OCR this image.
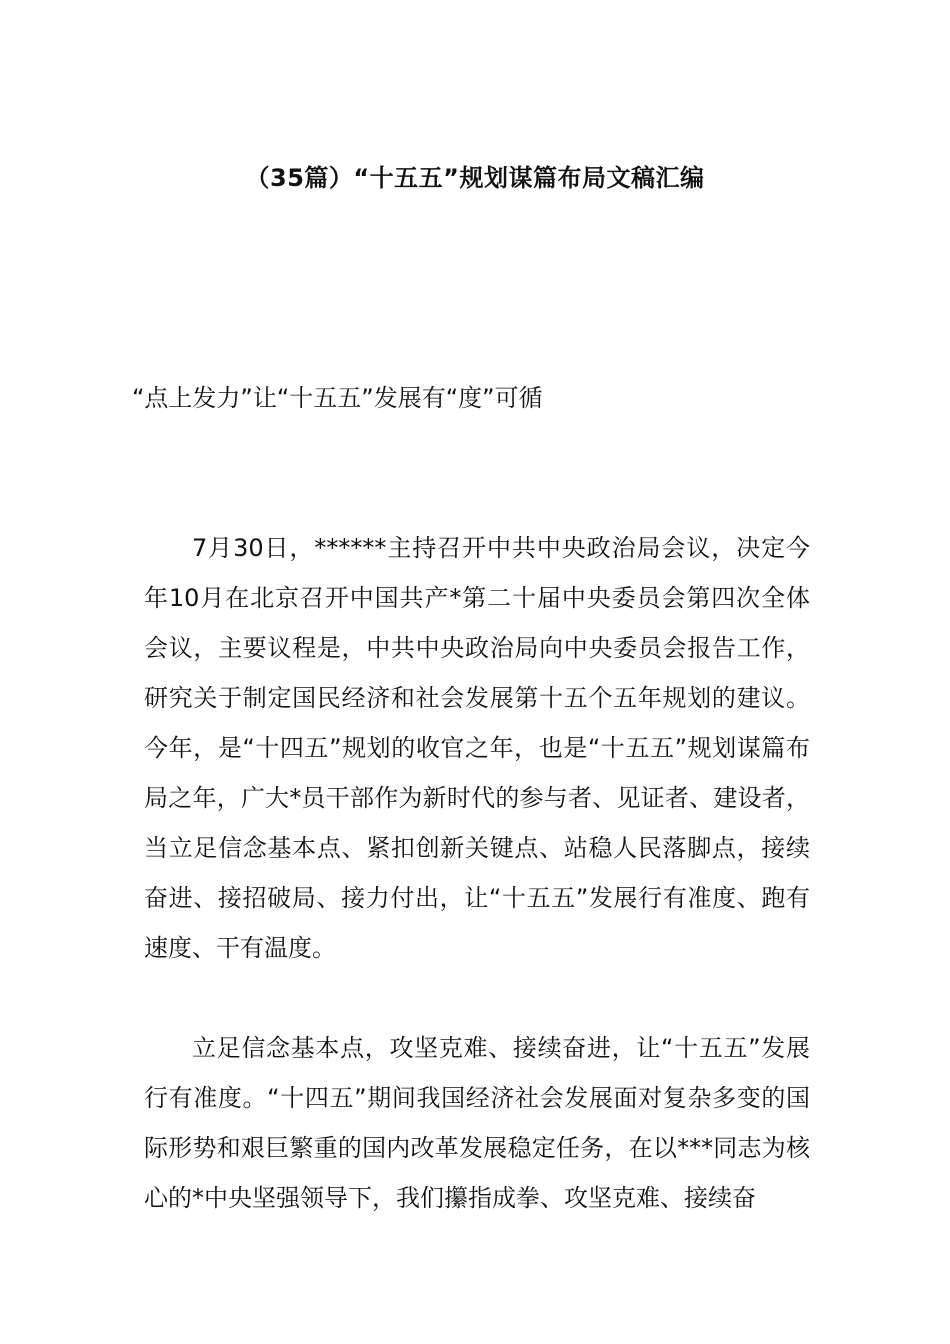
（35篇）“十五五”规划谋篇布局文稿汇编
“点上发力”让“十五五”发展有“度”可循

7月30日，******主持召开中共中央政治局会议，决定今年10月在北京召开中国共产*第二十届中央委员会第四次全体会议，主要议程是，中共中央政治局向中央委员会报告工作，研究关于制定国民经济和社会发展第十五个五年规划的建议。今年，是“十四五”规划的收官之年，也是“十五五”规划谋篇布局之年，广大*员干部作为新时代的参与者、见证者、建设者，当立足信念基本点、紧扣创新关键点、站稳人民落脚点，接续奋进、接招破局、接力付出，让“十五五”发展行有准度、跑有速度、干有温度。

立足信念基本点，攻坚克难、接续奋进，让“十五五”发展行有准度。“十四五”期间我国经济社会发展面对复杂多变的国际形势和艰巨繁重的国内改革发展稳定任务，在以***同志为核心的*中央坚强领导下，我们攥指成拳、攻坚克难、接续奋
